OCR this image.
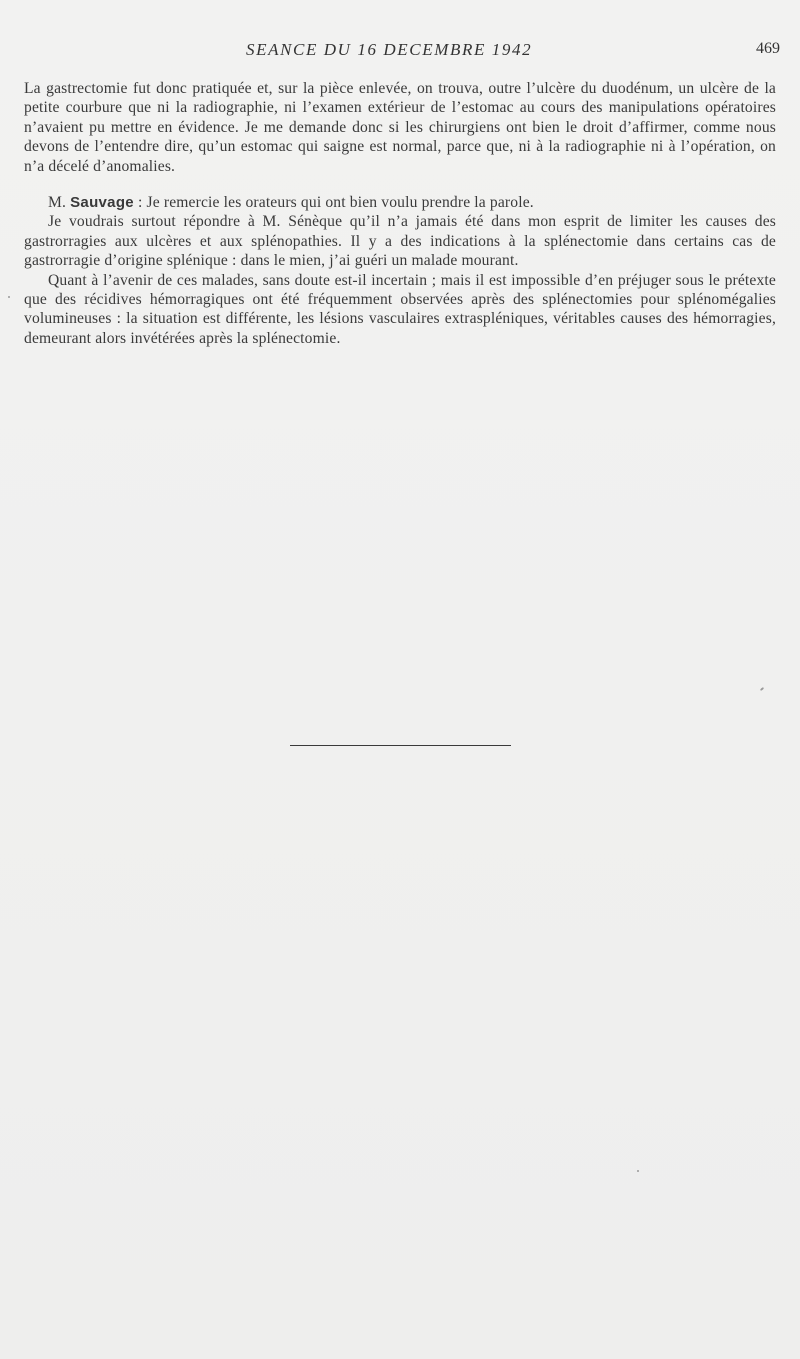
SEANCE DU 16 DECEMBRE 1942	469

La gastrectomie fut donc pratiquée et, sur la pièce enlevée, on trouva, outre l’ulcère du duodénum, un ulcère de la petite courbure que ni la radiographie, ni l’examen extérieur de l’estomac au cours des manipulations opératoires n’avaient pu mettre en évidence. Je me demande donc si les chirurgiens ont bien le droit d’affirmer, comme nous devons de l’entendre dire, qu’un estomac qui saigne est normal, parce que, ni à la radiographie ni à l’opération, on n’a décelé d’anomalies.

M. Sauvage : Je remercie les orateurs qui ont bien voulu prendre la parole.

Je voudrais surtout répondre à M. Sénèque qu’il n’a jamais été dans mon esprit de limiter les causes des gastrorragies aux ulcères et aux splénopathies. Il y a des indications à la splénectomie dans certains cas de gastrorragie d’origine splénique : dans le mien, j’ai guéri un malade mourant.

Quant à l’avenir de ces malades, sans doute est-il incertain ; mais il est impossible d’en préjuger sous le prétexte que des récidives hémorragiques ont été fréquemment observées après des splénectomies pour splénomégalies volumineuses : la situation est différente, les lésions vasculaires extraspléniques, véritables causes des hémorragies, demeurant alors invétérées après la splénectomie.
